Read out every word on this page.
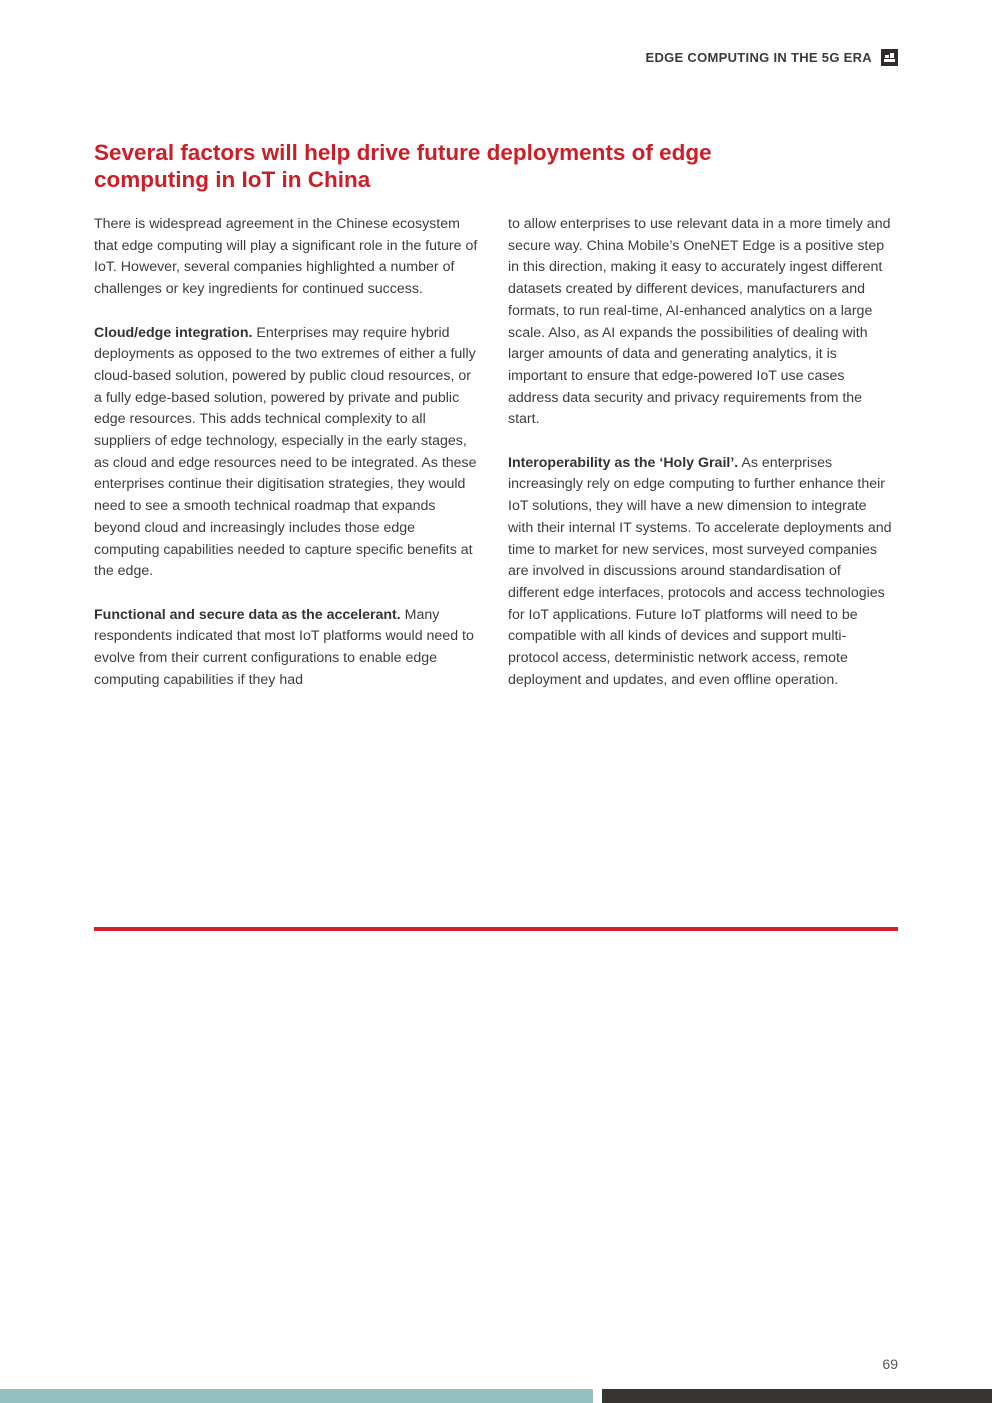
EDGE COMPUTING IN THE 5G ERA
Several factors will help drive future deployments of edge computing in IoT in China

There is widespread agreement in the Chinese ecosystem that edge computing will play a significant role in the future of IoT. However, several companies highlighted a number of challenges or key ingredients for continued success.

Cloud/edge integration. Enterprises may require hybrid deployments as opposed to the two extremes of either a fully cloud-based solution, powered by public cloud resources, or a fully edge-based solution, powered by private and public edge resources. This adds technical complexity to all suppliers of edge technology, especially in the early stages, as cloud and edge resources need to be integrated. As these enterprises continue their digitisation strategies, they would need to see a smooth technical roadmap that expands beyond cloud and increasingly includes those edge computing capabilities needed to capture specific benefits at the edge.

Functional and secure data as the accelerant. Many respondents indicated that most IoT platforms would need to evolve from their current configurations to enable edge computing capabilities if they had

to allow enterprises to use relevant data in a more timely and secure way. China Mobile’s OneNET Edge is a positive step in this direction, making it easy to accurately ingest different datasets created by different devices, manufacturers and formats, to run real-time, AI-enhanced analytics on a large scale. Also, as AI expands the possibilities of dealing with larger amounts of data and generating analytics, it is important to ensure that edge-powered IoT use cases address data security and privacy requirements from the start.

Interoperability as the ‘Holy Grail’. As enterprises increasingly rely on edge computing to further enhance their IoT solutions, they will have a new dimension to integrate with their internal IT systems. To accelerate deployments and time to market for new services, most surveyed companies are involved in discussions around standardisation of different edge interfaces, protocols and access technologies for IoT applications. Future IoT platforms will need to be compatible with all kinds of devices and support multi-protocol access, deterministic network access, remote deployment and updates, and even offline operation.

69
